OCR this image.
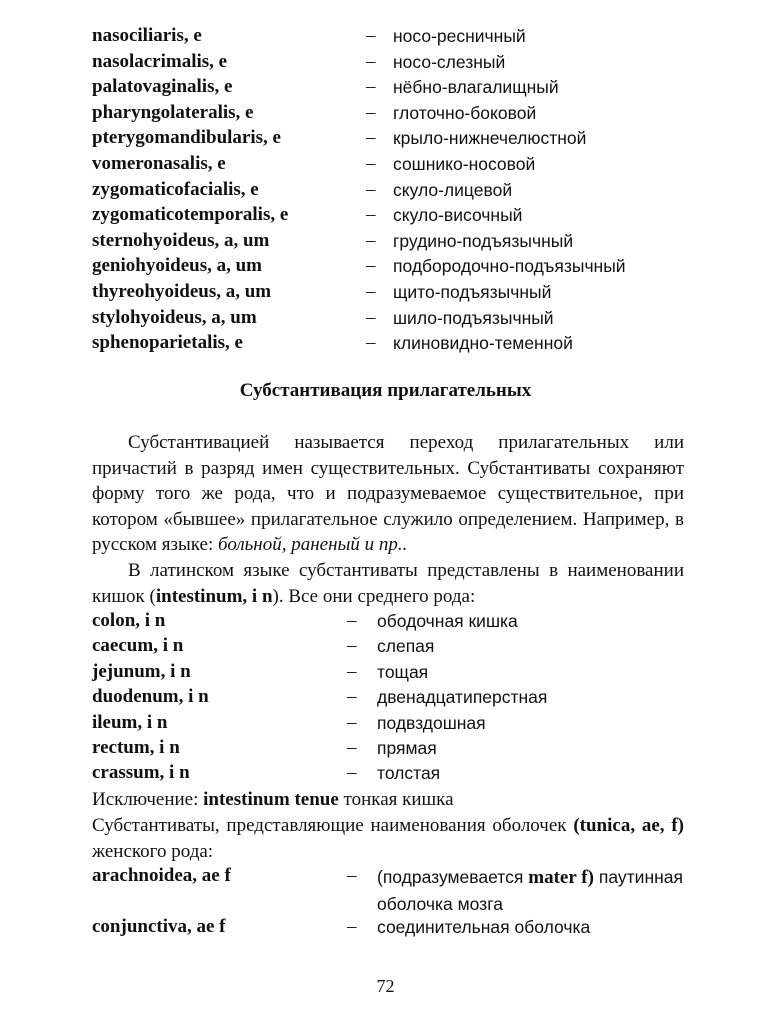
nasociliaris, e	– носо-ресничный
nasolacrimalis, e	– носо-слезный
palatovaginalis, e	– нёбно-влагалищный
pharyngolateralis, e	– глоточно-боковой
pterygomandibularis, e	– крыло-нижнечелюстной
vomeronasalis, e	– сошнико-носовой
zygomaticofacialis, e	– скуло-лицевой
zygomaticotemporalis, e	– скуло-височный
sternohyoideus, a, um	– грудино-подъязычный
geniohyoideus, a, um	– подбородочно-подъязычный
thyreohyoideus, a, um	– щито-подъязычный
stylohyoideus, a, um	– шило-подъязычный
sphenoparietalis, e	– клиновидно-теменной
Субстантивация прилагательных
Субстантивацией называется переход прилагательных или причастий в разряд имен существительных. Субстантиваты сохраняют форму того же рода, что и подразумеваемое существительное, при котором «бывшее» прилагательное служило определением. Например, в русском языке: больной, раненый и пр..
В латинском языке субстантиваты представлены в наименовании кишок (intestinum, i n). Все они среднего рода:
colon, i n	– ободочная кишка
caecum, i n	– слепая
jejunum, i n	– тощая
duodenum, i n	– двенадцатиперстная
ileum, i n	– подвздошная
rectum, i n	– прямая
crassum, i n	– толстая
Исключение: intestinum tenue тонкая кишка
Субстантиваты, представляющие наименования оболочек (tunica, ae, f) женского рода:
arachnoidea, ae f	– (подразумевается mater f) паутинная оболочка мозга
conjunctiva, ae f	– соединительная оболочка
72
